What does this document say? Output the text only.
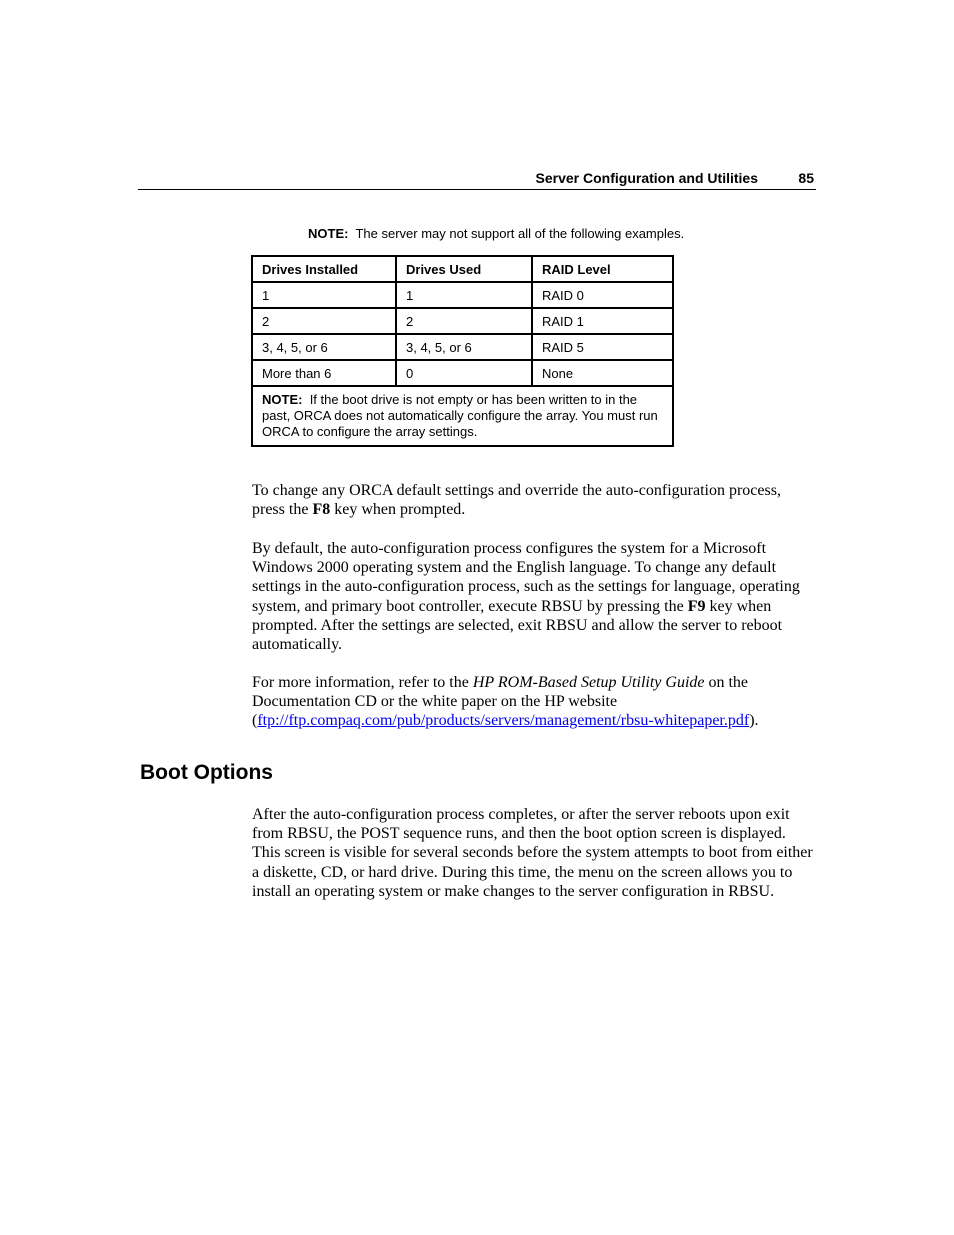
Server Configuration and Utilities	85
NOTE: The server may not support all of the following examples.
Drives Installed	Drives Used	RAID Level
1	1	RAID 0
2	2	RAID 1
3, 4, 5, or 6	3, 4, 5, or 6	RAID 5
More than 6	0	None
NOTE: If the boot drive is not empty or has been written to in the past, ORCA does not automatically configure the array. You must run ORCA to configure the array settings.		
To change any ORCA default settings and override the auto-configuration process, press the F8 key when prompted.
By default, the auto-configuration process configures the system for a Microsoft Windows 2000 operating system and the English language. To change any default settings in the auto-configuration process, such as the settings for language, operating system, and primary boot controller, execute RBSU by pressing the F9 key when prompted. After the settings are selected, exit RBSU and allow the server to reboot automatically.
For more information, refer to the HP ROM-Based Setup Utility Guide on the Documentation CD or the white paper on the HP website (ftp://ftp.compaq.com/pub/products/servers/management/rbsu-whitepaper.pdf).
Boot Options
After the auto-configuration process completes, or after the server reboots upon exit from RBSU, the POST sequence runs, and then the boot option screen is displayed. This screen is visible for several seconds before the system attempts to boot from either a diskette, CD, or hard drive. During this time, the menu on the screen allows you to install an operating system or make changes to the server configuration in RBSU.
